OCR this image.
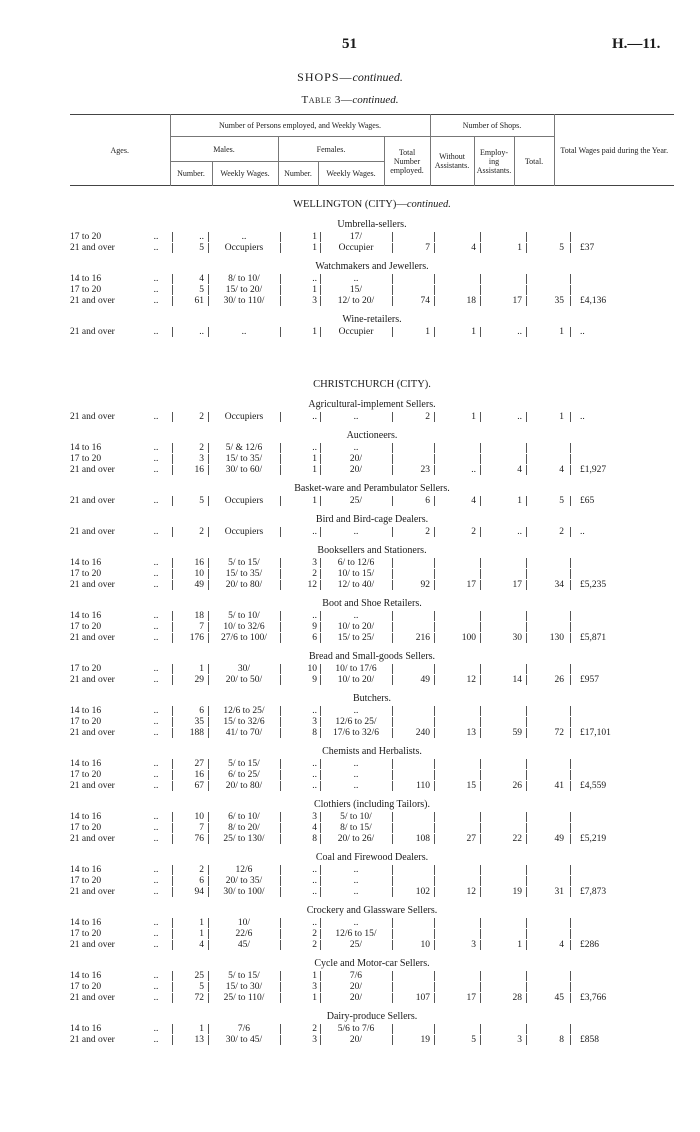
51	H.—11.
SHOPS—continued.
Table 3—continued.
Ages.	Number of Persons employed, and Weekly Wages.					Number of Shops.			Total Wages paid during the Year.
	Males.		Females.		Total Number employed.	Without Assistants.	Employ-ing Assistants.	Total.	
	Number.	Weekly Wages.	Number.	Weekly Wages.					
WELLINGTON (CITY)—continued.
Umbrella-sellers.
17 to 20	..	..	..	1	17/
21 and over	..	5	Occupiers	1	Occupier	7	4	1	5	£37
Watchmakers and Jewellers.
14 to 16	..	4	8/ to 10/	..	..
17 to 20	..	5	15/ to 20/	1	15/
21 and over	..	61	30/ to 110/	3	12/ to 20/	74	18	17	35	£4,136
Wine-retailers.
21 and over	..	..	..	1	Occupier	1	1	..	1	..
CHRISTCHURCH (CITY).
Agricultural-implement Sellers.
21 and over	..	2	Occupiers	..	..	2	1	..	1	..
Auctioneers.
14 to 16	..	2	5/ & 12/6	..	..
17 to 20	..	3	15/ to 35/	1	20/
21 and over	..	16	30/ to 60/	1	20/	23	..	4	4	£1,927
Basket-ware and Perambulator Sellers.
21 and over	..	5	Occupiers	1	25/	6	4	1	5	£65
Bird and Bird-cage Dealers.
21 and over	..	2	Occupiers	..	..	2	2	..	2	..
Booksellers and Stationers.
14 to 16	..	16	5/ to 15/	3	6/ to 12/6
17 to 20	..	10	15/ to 35/	2	10/ to 15/
21 and over	..	49	20/ to 80/	12	12/ to 40/	92	17	17	34	£5,235
Boot and Shoe Retailers.
14 to 16	..	18	5/ to 10/	..	..
17 to 20	..	7	10/ to 32/6	9	10/ to 20/
21 and over	..	176	27/6 to 100/	6	15/ to 25/	216	100	30	130	£5,871
Bread and Small-goods Sellers.
17 to 20	..	1	30/	10	10/ to 17/6
21 and over	..	29	20/ to 50/	9	10/ to 20/	49	12	14	26	£957
Butchers.
14 to 16	..	6	12/6 to 25/	..	..
17 to 20	..	35	15/ to 32/6	3	12/6 to 25/
21 and over	..	188	41/ to 70/	8	17/6 to 32/6	240	13	59	72	£17,101
Chemists and Herbalists.
14 to 16	..	27	5/ to 15/	..	..
17 to 20	..	16	6/ to 25/	..	..
21 and over	..	67	20/ to 80/	..	..	110	15	26	41	£4,559
Clothiers (including Tailors).
14 to 16	..	10	6/ to 10/	3	5/ to 10/
17 to 20	..	7	8/ to 20/	4	8/ to 15/
21 and over	..	76	25/ to 130/	8	20/ to 26/	108	27	22	49	£5,219
Coal and Firewood Dealers.
14 to 16	..	2	12/6	..	..
17 to 20	..	6	20/ to 35/	..	..
21 and over	..	94	30/ to 100/	..	..	102	12	19	31	£7,873
Crockery and Glassware Sellers.
14 to 16	..	1	10/	..	..
17 to 20	..	1	22/6	2	12/6 to 15/
21 and over	..	4	45/	2	25/	10	3	1	4	£286
Cycle and Motor-car Sellers.
14 to 16	..	25	5/ to 15/	1	7/6
17 to 20	..	5	15/ to 30/	3	20/
21 and over	..	72	25/ to 110/	1	20/	107	17	28	45	£3,766
Dairy-produce Sellers.
14 to 16	..	1	7/6	2	5/6 to 7/6
21 and over	..	13	30/ to 45/	3	20/	19	5	3	8	£858
